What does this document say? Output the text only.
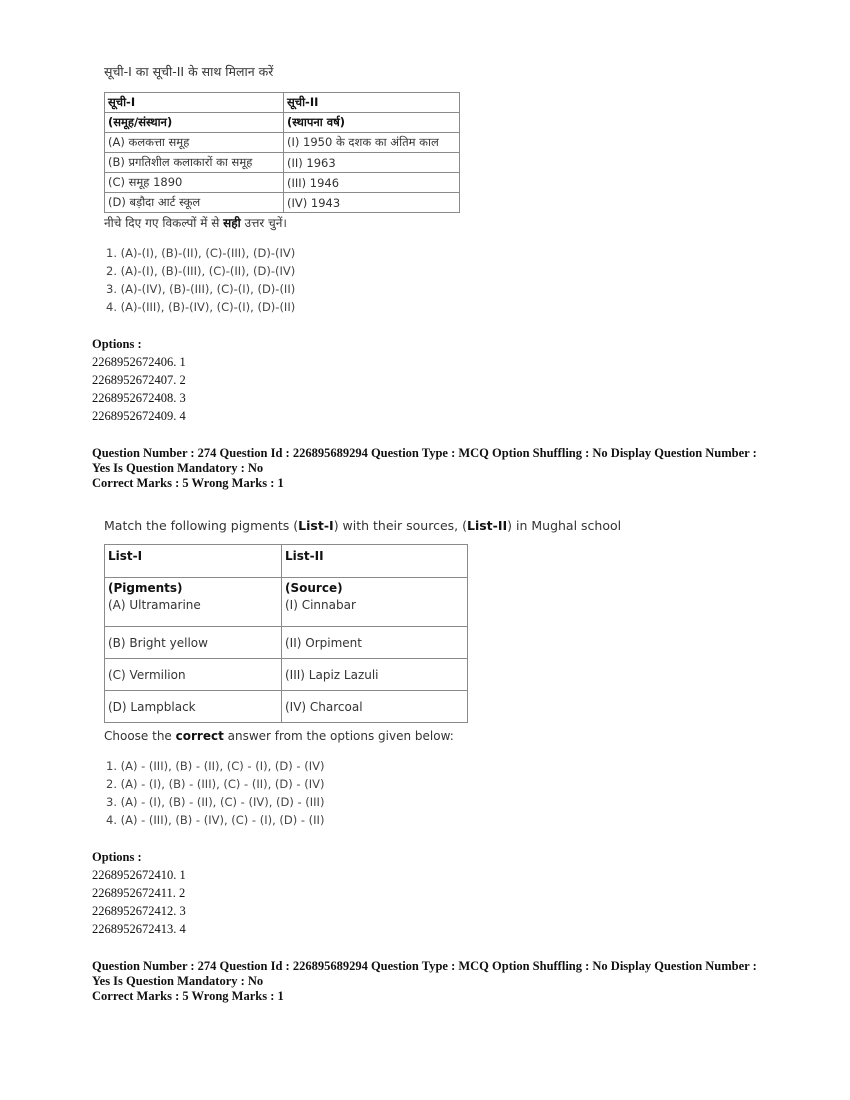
सूची-I का सूची-II के साथ मिलान करें
सूची-I	सूची-II
(समूह/संस्थान)	(स्थापना वर्ष)
(A) कलकत्ता समूह	(I) 1950 के दशक का अंतिम काल
(B) प्रगतिशील कलाकारों का समूह	(II) 1963
(C) समूह 1890	(III) 1946
(D) बड़ौदा आर्ट स्कूल	(IV) 1943
नीचे दिए गए विकल्पों में से सही उत्तर चुनें।
1. (A)-(I), (B)-(II), (C)-(III), (D)-(IV)
2. (A)-(I), (B)-(III), (C)-(II), (D)-(IV)
3. (A)-(IV), (B)-(III), (C)-(I), (D)-(II)
4. (A)-(III), (B)-(IV), (C)-(I), (D)-(II)
Options :
2268952672406. 1
2268952672407. 2
2268952672408. 3
2268952672409. 4
Question Number : 274 Question Id : 226895689294 Question Type : MCQ Option Shuffling : No Display Question Number : Yes Is Question Mandatory : No
Correct Marks : 5 Wrong Marks : 1
Match the following pigments (List-I) with their sources, (List-II) in Mughal school
List-I	List-II
(Pigments)	(Source)
(A) Ultramarine	(I) Cinnabar
(B) Bright yellow	(II) Orpiment
(C) Vermilion	(III) Lapiz Lazuli
(D) Lampblack	(IV) Charcoal
Choose the correct answer from the options given below:
1. (A) - (III), (B) - (II), (C) - (I), (D) - (IV)
2. (A) - (I), (B) - (III), (C) - (II), (D) - (IV)
3. (A) - (I), (B) - (II), (C) - (IV), (D) - (III)
4. (A) - (III), (B) - (IV), (C) - (I), (D) - (II)
Options :
2268952672410. 1
2268952672411. 2
2268952672412. 3
2268952672413. 4
Question Number : 274 Question Id : 226895689294 Question Type : MCQ Option Shuffling : No Display Question Number : Yes Is Question Mandatory : No
Correct Marks : 5 Wrong Marks : 1
